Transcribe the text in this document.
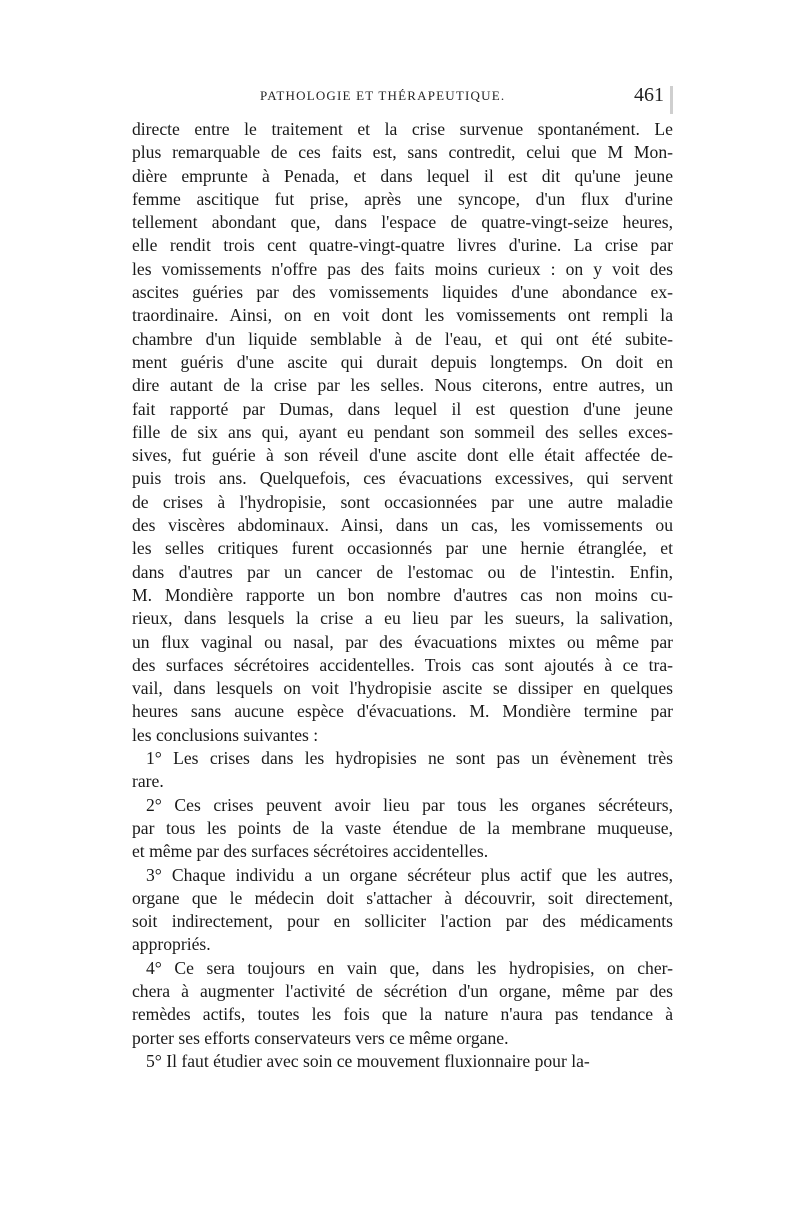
PATHOLOGIE ET THÉRAPEUTIQUE.	461
directe entre le traitement et la crise survenue spontanément. Le
plus remarquable de ces faits est, sans contredit, celui que M Mon-
dière emprunte à Penada, et dans lequel il est dit qu'une jeune
femme ascitique fut prise, après une syncope, d'un flux d'urine
tellement abondant que, dans l'espace de quatre-vingt-seize heures,
elle rendit trois cent quatre-vingt-quatre livres d'urine. La crise par
les vomissements n'offre pas des faits moins curieux : on y voit des
ascites guéries par des vomissements liquides d'une abondance ex-
traordinaire. Ainsi, on en voit dont les vomissements ont rempli la
chambre d'un liquide semblable à de l'eau, et qui ont été subite-
ment guéris d'une ascite qui durait depuis longtemps. On doit en
dire autant de la crise par les selles. Nous citerons, entre autres, un
fait rapporté par Dumas, dans lequel il est question d'une jeune
fille de six ans qui, ayant eu pendant son sommeil des selles exces-
sives, fut guérie à son réveil d'une ascite dont elle était affectée de-
puis trois ans. Quelquefois, ces évacuations excessives, qui servent
de crises à l'hydropisie, sont occasionnées par une autre maladie
des viscères abdominaux. Ainsi, dans un cas, les vomissements ou
les selles critiques furent occasionnés par une hernie étranglée, et
dans d'autres par un cancer de l'estomac ou de l'intestin. Enfin,
M. Mondière rapporte un bon nombre d'autres cas non moins cu-
rieux, dans lesquels la crise a eu lieu par les sueurs, la salivation,
un flux vaginal ou nasal, par des évacuations mixtes ou même par
des surfaces sécrétoires accidentelles. Trois cas sont ajoutés à ce tra-
vail, dans lesquels on voit l'hydropisie ascite se dissiper en quelques
heures sans aucune espèce d'évacuations. M. Mondière termine par
les conclusions suivantes :
1° Les crises dans les hydropisies ne sont pas un évènement très
rare.
2° Ces crises peuvent avoir lieu par tous les organes sécréteurs,
par tous les points de la vaste étendue de la membrane muqueuse,
et même par des surfaces sécrétoires accidentelles.
3° Chaque individu a un organe sécréteur plus actif que les autres,
organe que le médecin doit s'attacher à découvrir, soit directement,
soit indirectement, pour en solliciter l'action par des médicaments
appropriés.
4° Ce sera toujours en vain que, dans les hydropisies, on cher-
chera à augmenter l'activité de sécrétion d'un organe, même par des
remèdes actifs, toutes les fois que la nature n'aura pas tendance à
porter ses efforts conservateurs vers ce même organe.
5° Il faut étudier avec soin ce mouvement fluxionnaire pour la-
